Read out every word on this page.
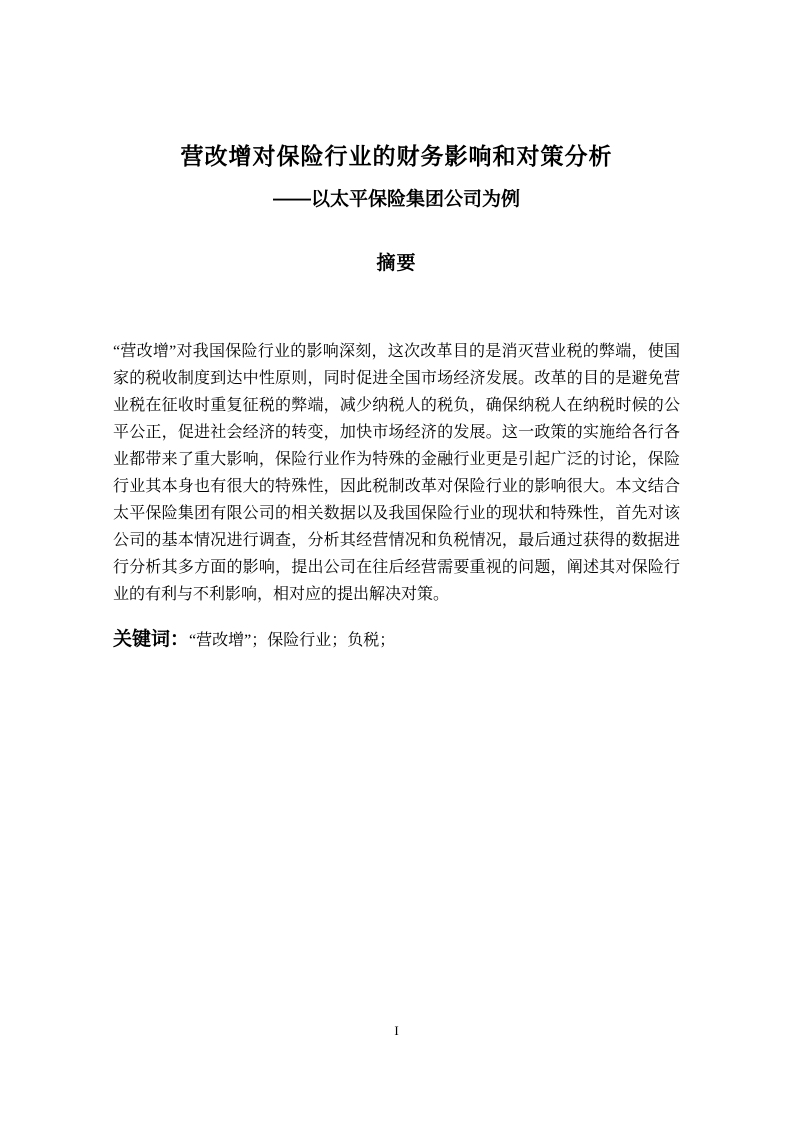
营改增对保险行业的财务影响和对策分析
——以太平保险集团公司为例
摘要

“营改增”对我国保险行业的影响深刻，这次改革目的是消灭营业税的弊端，使国家的税收制度到达中性原则，同时促进全国市场经济发展。改革的目的是避免营业税在征收时重复征税的弊端，减少纳税人的税负，确保纳税人在纳税时候的公平公正，促进社会经济的转变，加快市场经济的发展。这一政策的实施给各行各业都带来了重大影响，保险行业作为特殊的金融行业更是引起广泛的讨论，保险行业其本身也有很大的特殊性，因此税制改革对保险行业的影响很大。本文结合太平保险集团有限公司的相关数据以及我国保险行业的现状和特殊性，首先对该公司的基本情况进行调查，分析其经营情况和负税情况，最后通过获得的数据进行分析其多方面的影响，提出公司在往后经营需要重视的问题，阐述其对保险行业的有利与不利影响，相对应的提出解决对策。

关键词：“营改增”；保险行业；负税；

I
